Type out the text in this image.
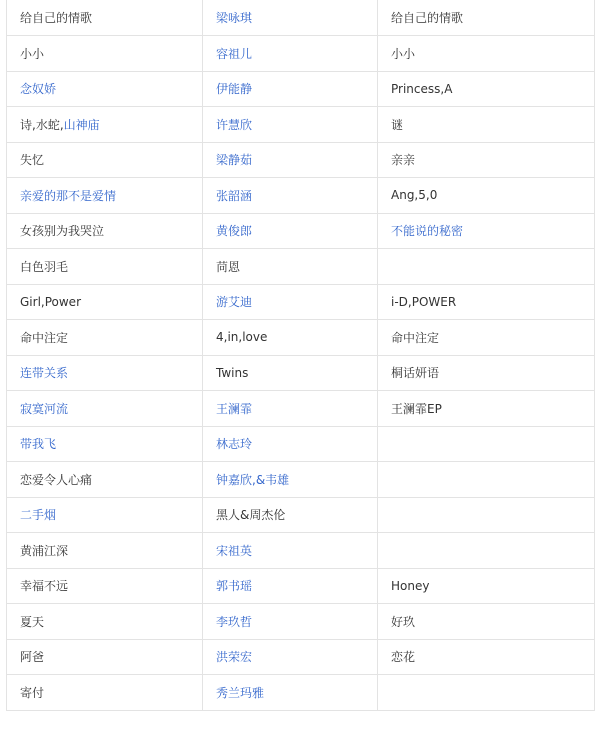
给自己的情歌	梁咏琪	给自己的情歌
小小	容祖儿	小小
念奴娇	伊能静	Princess,A
诗,水蛇,山神庙	许慧欣	谜
失忆	梁静茹	亲亲
亲爱的那不是爱情	张韶涵	Ang,5,0
女孩别为我哭泣	黄俊郎	不能说的秘密
白色羽毛	苘恩	
Girl,Power	游艾迪	i-D,POWER
命中注定	4,in,love	命中注定
连带关系	Twins	桐话妍语
寂寞河流	王澜霏	王澜霏EP
带我飞	林志玲	
恋爱令人心痛	钟嘉欣,&韦雄	
二手烟	黑人&周杰伦	
黄浦江深	宋祖英	
幸福不远	郭书瑶	Honey
夏天	李玖哲	好玖
阿爸	洪荣宏	恋花
寄付	秀兰玛雅	
